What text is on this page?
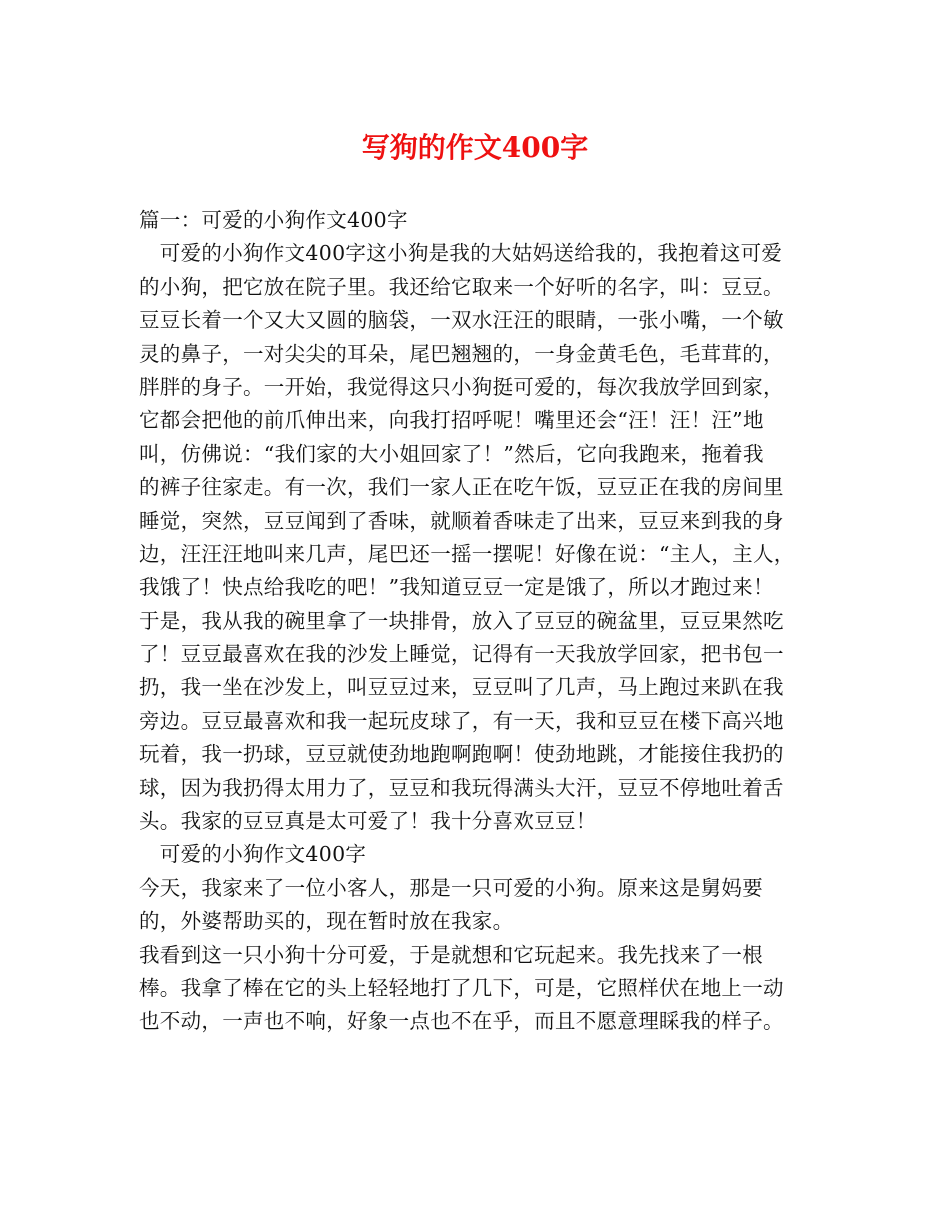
写狗的作文400字
篇一：可爱的小狗作文400字
　可爱的小狗作文400字这小狗是我的大姑妈送给我的，我抱着这可爱
的小狗，把它放在院子里。我还给它取来一个好听的名字，叫：豆豆。
豆豆长着一个又大又圆的脑袋，一双水汪汪的眼睛，一张小嘴，一个敏
灵的鼻子，一对尖尖的耳朵，尾巴翘翘的，一身金黄毛色，毛茸茸的，
胖胖的身子。一开始，我觉得这只小狗挺可爱的，每次我放学回到家，
它都会把他的前爪伸出来，向我打招呼呢！嘴里还会“汪！汪！汪”地
叫，仿佛说：“我们家的大小姐回家了！”然后，它向我跑来，拖着我
的裤子往家走。有一次，我们一家人正在吃午饭，豆豆正在我的房间里
睡觉，突然，豆豆闻到了香味，就顺着香味走了出来，豆豆来到我的身
边，汪汪汪地叫来几声，尾巴还一摇一摆呢！好像在说：“主人，主人，
我饿了！快点给我吃的吧！”我知道豆豆一定是饿了，所以才跑过来！
于是，我从我的碗里拿了一块排骨，放入了豆豆的碗盆里，豆豆果然吃
了！豆豆最喜欢在我的沙发上睡觉，记得有一天我放学回家，把书包一
扔，我一坐在沙发上，叫豆豆过来，豆豆叫了几声，马上跑过来趴在我
旁边。豆豆最喜欢和我一起玩皮球了，有一天，我和豆豆在楼下高兴地
玩着，我一扔球，豆豆就使劲地跑啊跑啊！使劲地跳，才能接住我扔的
球，因为我扔得太用力了，豆豆和我玩得满头大汗，豆豆不停地吐着舌
头。我家的豆豆真是太可爱了！我十分喜欢豆豆！
　可爱的小狗作文400字
今天，我家来了一位小客人，那是一只可爱的小狗。原来这是舅妈要
的，外婆帮助买的，现在暂时放在我家。
我看到这一只小狗十分可爱，于是就想和它玩起来。我先找来了一根
棒。我拿了棒在它的头上轻轻地打了几下，可是，它照样伏在地上一动
也不动，一声也不响，好象一点也不在乎，而且不愿意理睬我的样子。
